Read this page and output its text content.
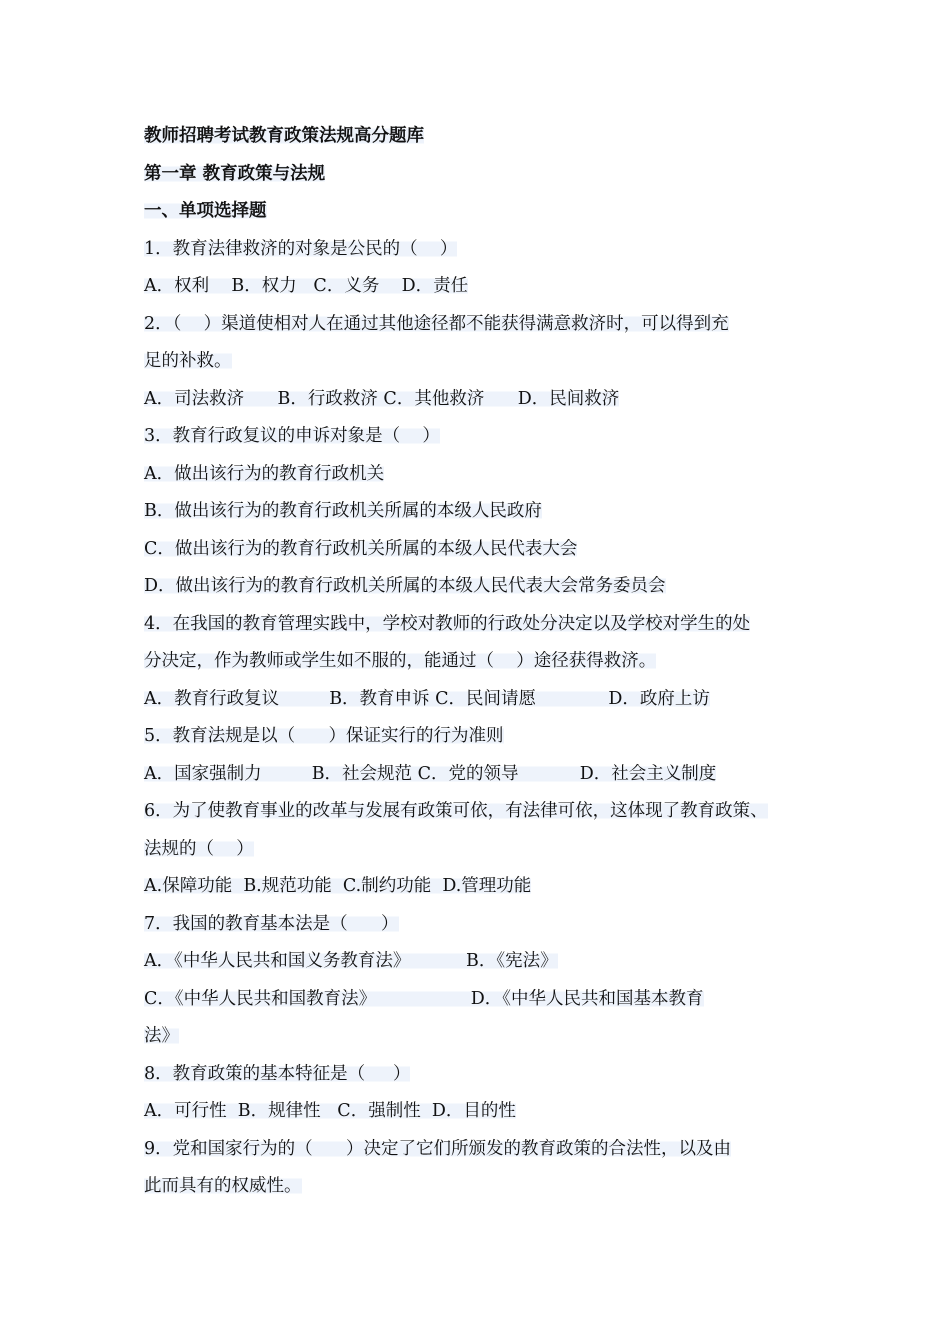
教师招聘考试教育政策法规高分题库
第一章 教育政策与法规
一、单项选择题
1．教育法律救济的对象是公民的（    ）
A．权利    B．权力   C．义务    D．责任
2．（    ）渠道使相对人在通过其他途径都不能获得满意救济时，可以得到充
足的补救。
A．司法救济      B．行政救济 C．其他救济      D．民间救济
3．教育行政复议的申诉对象是（    ）
A．做出该行为的教育行政机关
B．做出该行为的教育行政机关所属的本级人民政府
C．做出该行为的教育行政机关所属的本级人民代表大会
D．做出该行为的教育行政机关所属的本级人民代表大会常务委员会
4．在我国的教育管理实践中，学校对教师的行政处分决定以及学校对学生的处
分决定，作为教师或学生如不服的，能通过（    ）途径获得救济。
A．教育行政复议         B．教育申诉 C．民间请愿             D．政府上访
5．教育法规是以（      ）保证实行的行为准则
A．国家强制力         B．社会规范 C．党的领导           D．社会主义制度
6．为了使教育事业的改革与发展有政策可依，有法律可依，这体现了教育政策、
法规的（    ）
A.保障功能  B.规范功能  C.制约功能  D.管理功能
7．我国的教育基本法是（      ）
A．《中华人民共和国义务教育法》          B．《宪法》
C．《中华人民共和国教育法》                 D．《中华人民共和国基本教育
法》
8．教育政策的基本特征是（     ）
A．可行性  B．规律性   C．强制性  D．目的性
9．党和国家行为的（      ）决定了它们所颁发的教育政策的合法性，以及由
此而具有的权威性。
